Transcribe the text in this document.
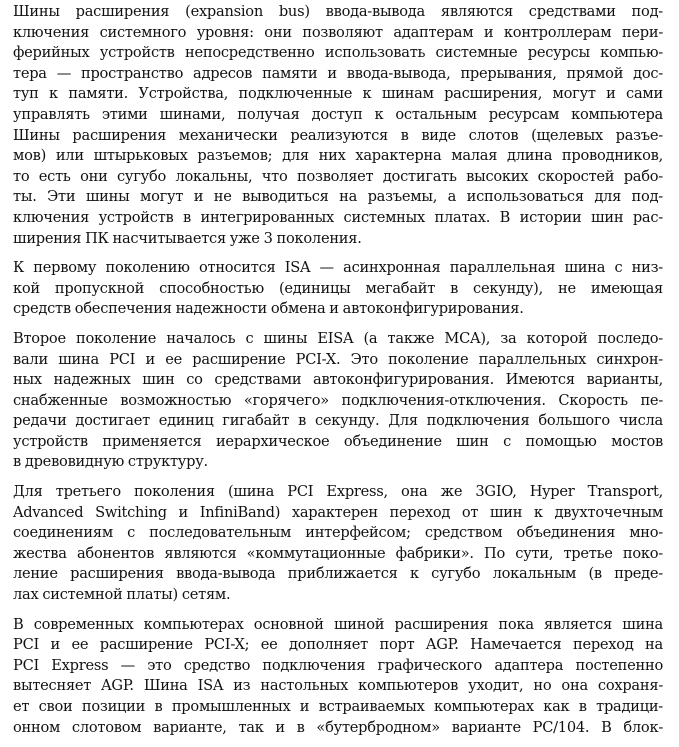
Шины расширения (expansion bus) ввода-вывода являются средствами под-
ключения системного уровня: они позволяют адаптерам и контроллерам пери-
ферийных устройств непосредственно использовать системные ресурсы компью-
тера — пространство адресов памяти и ввода-вывода, прерывания, прямой дос-
туп к памяти. Устройства, подключенные к шинам расширения, могут и сами
управлять этими шинами, получая доступ к остальным ресурсам компьютера
Шины расширения механически реализуются в виде слотов (щелевых разъе-
мов) или штырьковых разъемов; для них характерна малая длина проводников,
то есть они сугубо локальны, что позволяет достигать высоких скоростей рабо-
ты. Эти шины могут и не выводиться на разъемы, а использоваться для под-
ключения устройств в интегрированных системных платах. В истории шин рас-
ширения ПК насчитывается уже 3 поколения.

К первому поколению относится ISA — асинхронная параллельная шина с низ-
кой пропускной способностью (единицы мегабайт в секунду), не имеющая
средств обеспечения надежности обмена и автоконфигурирования.

Второе поколение началось с шины EISA (а также MCA), за которой последо-
вали шина PCI и ее расширение PCI-X. Это поколение параллельных синхрон-
ных надежных шин со средствами автоконфигурирования. Имеются варианты,
снабженные возможностью «горячего» подключения-отключения. Скорость пе-
редачи достигает единиц гигабайт в секунду. Для подключения большого числа
устройств применяется иерархическое объединение шин с помощью мостов
в древовидную структуру.

Для третьего поколения (шина PCI Express, она же 3GIO, Hyper Transport,
Advanced Switching и InfiniBand) характерен переход от шин к двухточечным
соединениям с последовательным интерфейсом; средством объединения мно-
жества абонентов являются «коммутационные фабрики». По сути, третье поко-
ление расширения ввода-вывода приближается к сугубо локальным (в преде-
лах системной платы) сетям.

В современных компьютерах основной шиной расширения пока является шина
PCI и ее расширение PCI-X; ее дополняет порт AGP. Намечается переход на
PCI Express — это средство подключения графического адаптера постепенно
вытесняет AGP. Шина ISA из настольных компьютеров уходит, но она сохраня-
ет свои позиции в промышленных и встраиваемых компьютерах как в традици-
онном слотовом варианте, так и в «бутербродном» варианте PC/104. В блок-
